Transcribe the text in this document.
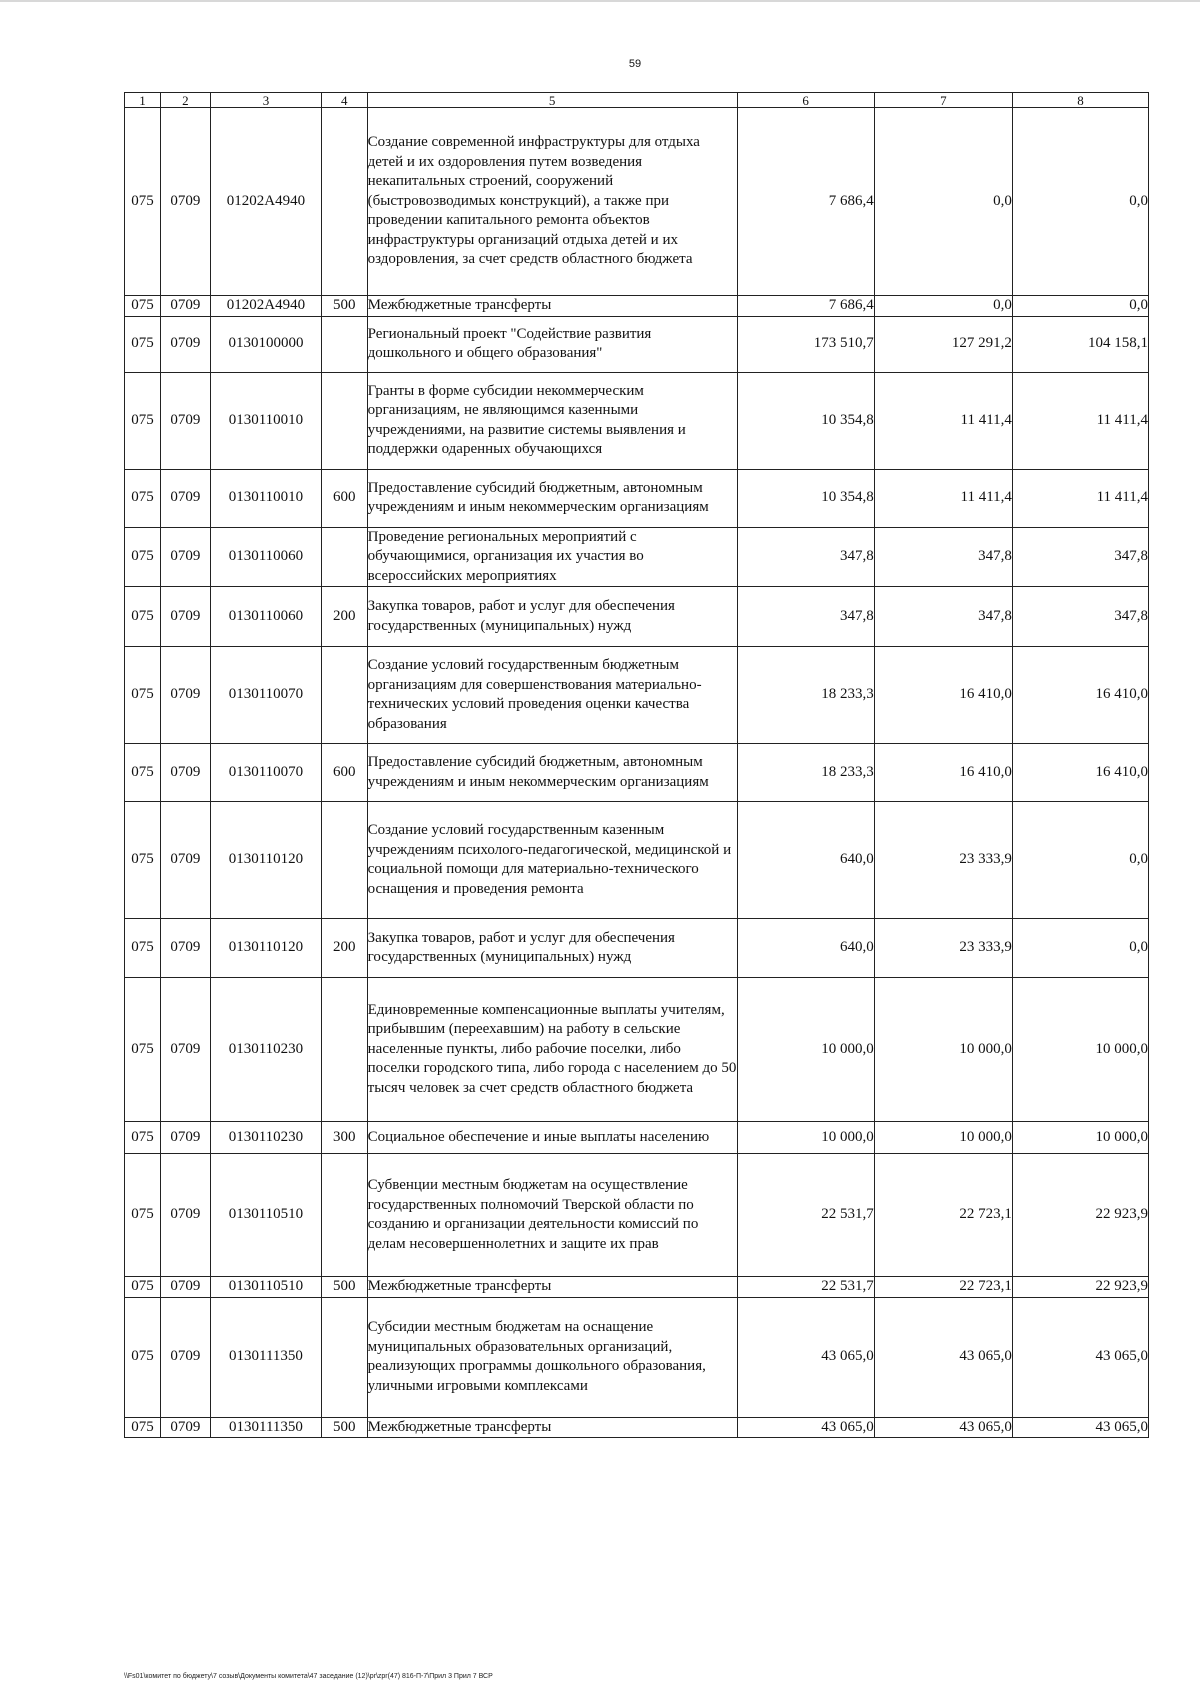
59
1	2	3	4	5	6	7	8
075	0709	01202A4940		Создание современной инфраструктуры для отдыха детей и их оздоровления путем возведения некапитальных строений, сооружений (быстровозводимых конструкций), а также при проведении капитального ремонта объектов инфраструктуры организаций отдыха детей и их оздоровления, за счет средств областного бюджета	7 686,4	0,0	0,0
075	0709	01202A4940	500	Межбюджетные трансферты	7 686,4	0,0	0,0
075	0709	0130100000		Региональный проект "Содействие развития дошкольного и общего образования"	173 510,7	127 291,2	104 158,1
075	0709	0130110010		Гранты в форме субсидии некоммерческим организациям, не являющимся казенными учреждениями, на развитие системы выявления и поддержки одаренных обучающихся	10 354,8	11 411,4	11 411,4
075	0709	0130110010	600	Предоставление субсидий бюджетным, автономным учреждениям и иным некоммерческим организациям	10 354,8	11 411,4	11 411,4
075	0709	0130110060		Проведение региональных мероприятий с обучающимися, организация их участия во всероссийских мероприятиях	347,8	347,8	347,8
075	0709	0130110060	200	Закупка товаров, работ и услуг для обеспечения государственных (муниципальных) нужд	347,8	347,8	347,8
075	0709	0130110070		Создание условий государственным бюджетным организациям для совершенствования материально-технических условий проведения оценки качества образования	18 233,3	16 410,0	16 410,0
075	0709	0130110070	600	Предоставление субсидий бюджетным, автономным учреждениям и иным некоммерческим организациям	18 233,3	16 410,0	16 410,0
075	0709	0130110120		Создание условий государственным казенным учреждениям психолого-педагогической, медицинской и социальной помощи для материально-технического оснащения и проведения ремонта	640,0	23 333,9	0,0
075	0709	0130110120	200	Закупка товаров, работ и услуг для обеспечения государственных (муниципальных) нужд	640,0	23 333,9	0,0
075	0709	0130110230		Единовременные компенсационные выплаты учителям, прибывшим (переехавшим) на работу в сельские населенные пункты, либо рабочие поселки, либо поселки городского типа, либо города с населением до 50 тысяч человек за счет средств областного бюджета	10 000,0	10 000,0	10 000,0
075	0709	0130110230	300	Социальное обеспечение и иные выплаты населению	10 000,0	10 000,0	10 000,0
075	0709	0130110510		Субвенции местным бюджетам на осуществление государственных полномочий Тверской области по созданию и организации деятельности комиссий по делам несовершеннолетних и защите их прав	22 531,7	22 723,1	22 923,9
075	0709	0130110510	500	Межбюджетные трансферты	22 531,7	22 723,1	22 923,9
075	0709	0130111350		Субсидии местным бюджетам на оснащение муниципальных образовательных организаций, реализующих программы дошкольного образования, уличными игровыми комплексами	43 065,0	43 065,0	43 065,0
075	0709	0130111350	500	Межбюджетные трансферты	43 065,0	43 065,0	43 065,0
\\Fs01\комитет по бюджету\7 созыв\Документы комитета\47 заседание (12)\pr\zpr(47) 816-П-7\Прил 3 Прил 7 ВСР
